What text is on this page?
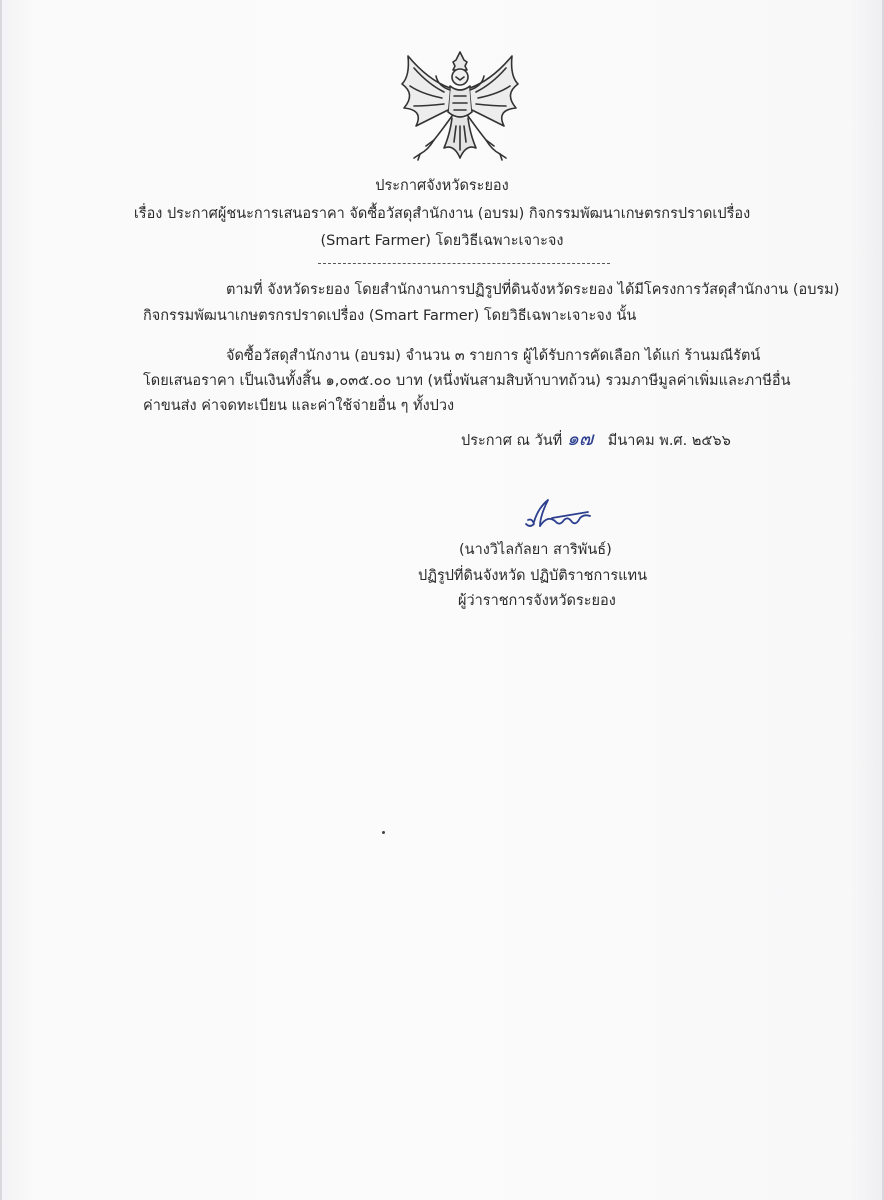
ประกาศจังหวัดระยอง
เรื่อง ประกาศผู้ชนะการเสนอราคา จัดซื้อวัสดุสำนักงาน (อบรม) กิจกรรมพัฒนาเกษตรกรปราดเปรื่อง
(Smart Farmer) โดยวิธีเฉพาะเจาะจง
ตามที่ จังหวัดระยอง โดยสำนักงานการปฏิรูปที่ดินจังหวัดระยอง ได้มีโครงการวัสดุสำนักงาน (อบรม)
กิจกรรมพัฒนาเกษตรกรปราดเปรื่อง (Smart Farmer) โดยวิธีเฉพาะเจาะจง นั้น
จัดซื้อวัสดุสำนักงาน (อบรม) จำนวน ๓ รายการ ผู้ได้รับการคัดเลือก ได้แก่ ร้านมณีรัตน์
โดยเสนอราคา เป็นเงินทั้งสิ้น ๑,๐๓๕.๐๐ บาท (หนึ่งพันสามสิบห้าบาทถ้วน) รวมภาษีมูลค่าเพิ่มและภาษีอื่น
ค่าขนส่ง ค่าจดทะเบียน และค่าใช้จ่ายอื่น ๆ ทั้งปวง
ประกาศ ณ วันที่ ๑๗ มีนาคม พ.ศ. ๒๕๖๖
(นางวิไลกัลยา สาริพันธ์)
ปฏิรูปที่ดินจังหวัด ปฏิบัติราชการแทน
ผู้ว่าราชการจังหวัดระยอง
